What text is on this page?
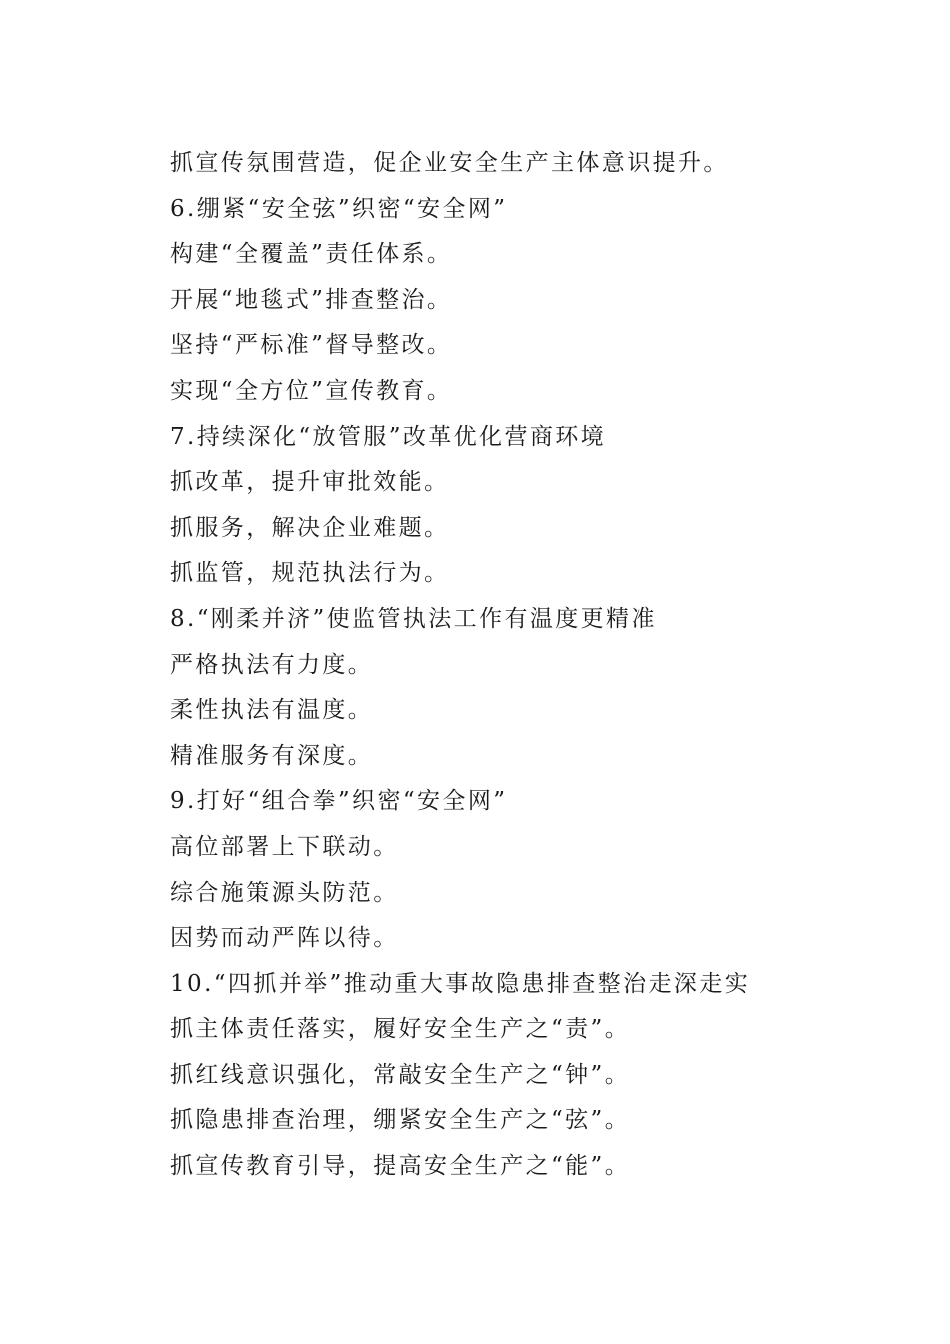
抓宣传氛围营造，促企业安全生产主体意识提升。
6.绷紧“安全弦”织密“安全网”
构建“全覆盖”责任体系。
开展“地毯式”排查整治。
坚持“严标准”督导整改。
实现“全方位”宣传教育。
7.持续深化“放管服”改革优化营商环境
抓改革，提升审批效能。
抓服务，解决企业难题。
抓监管，规范执法行为。
8.“刚柔并济”使监管执法工作有温度更精准
严格执法有力度。
柔性执法有温度。
精准服务有深度。
9.打好“组合拳”织密“安全网”
高位部署上下联动。
综合施策源头防范。
因势而动严阵以待。
10.“四抓并举”推动重大事故隐患排查整治走深走实
抓主体责任落实，履好安全生产之“责”。
抓红线意识强化，常敲安全生产之“钟”。
抓隐患排查治理，绷紧安全生产之“弦”。
抓宣传教育引导，提高安全生产之“能”。
